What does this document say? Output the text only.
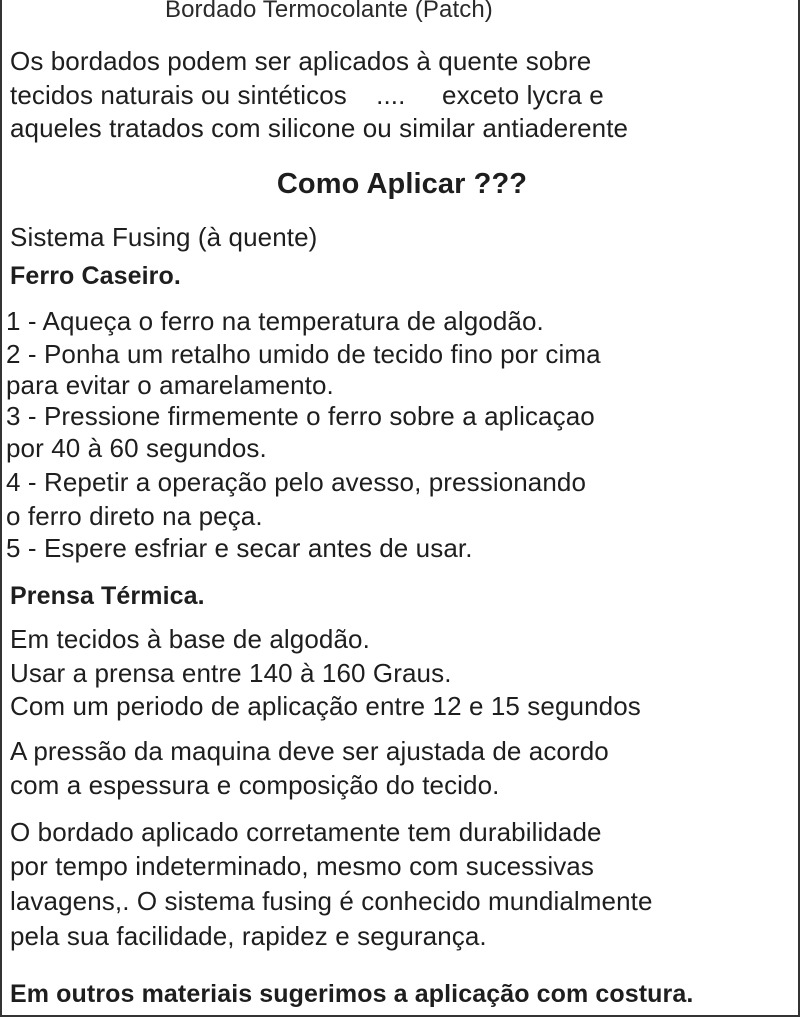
Bordado Termocolante (Patch)
Os bordados podem ser aplicados à quente sobre
tecidos naturais ou sintéticos    ....     exceto lycra e
aqueles tratados com silicone ou similar antiaderente
Como Aplicar ???
Sistema Fusing (à quente)
Ferro Caseiro.
1 - Aqueça o ferro na temperatura de algodão.
2 - Ponha um retalho umido de tecido fino por cima
para evitar o amarelamento.
3 - Pressione firmemente o ferro sobre a aplicaçao
por 40 à 60 segundos.
4 - Repetir a operação pelo avesso, pressionando
o ferro direto na peça.
5 - Espere esfriar e secar antes de usar.
Prensa Térmica.
Em tecidos à base de algodão.
Usar a prensa entre 140 à 160 Graus.
Com um periodo de aplicação entre 12 e 15 segundos
A pressão da maquina deve ser ajustada de acordo
com a espessura e composição do tecido.
O bordado aplicado corretamente tem durabilidade
por tempo indeterminado, mesmo com sucessivas
lavagens,. O sistema fusing é conhecido mundialmente
pela sua facilidade, rapidez e segurança.
Em outros materiais sugerimos a aplicação com costura.
